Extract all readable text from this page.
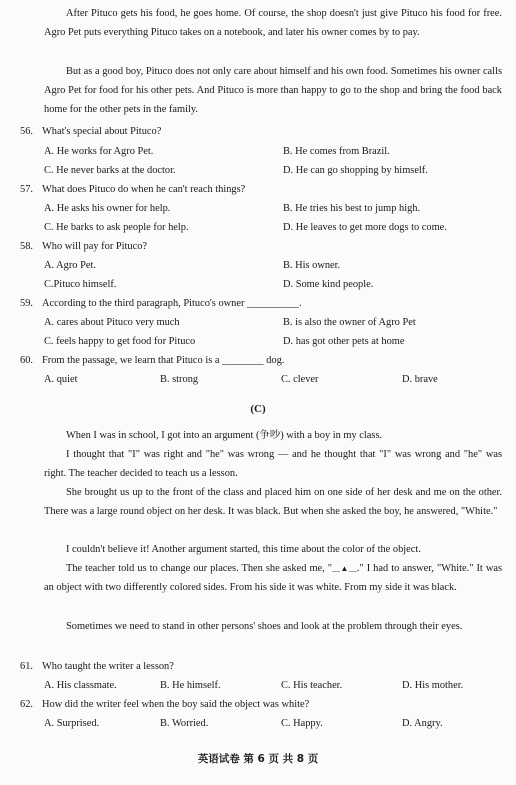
After Pituco gets his food, he goes home. Of course, the shop doesn't just give Pituco his food for free. Agro Pet puts everything Pituco takes on a notebook, and later his owner comes by to pay.
But as a good boy, Pituco does not only care about himself and his own food. Sometimes his owner calls Agro Pet for food for his other pets. And Pituco is more than happy to go to the shop and bring the food back home for the other pets in the family.
56. What's special about Pituco?
A. He works for Agro Pet.	B. He comes from Brazil.
C. He never barks at the doctor.	D. He can go shopping by himself.
57. What does Pituco do when he can't reach things?
A. He asks his owner for help.	B. He tries his best to jump high.
C. He barks to ask people for help.	D. He leaves to get more dogs to come.
58. Who will pay for Pituco?
A. Agro Pet.	B. His owner.
C.Pituco himself.	D. Some kind people.
59. According to the third paragraph, Pituco's owner __________.
A. cares about Pituco very much	B. is also the owner of Agro Pet
C. feels happy to get food for Pituco	D. has got other pets at home
60. From the passage, we learn that Pituco is a ________ dog.
A. quiet	B. strong	C. clever	D. brave
(C)
When I was in school, I got into an argument (争吵) with a boy in my class.
I thought that "I" was right and "he" was wrong — and he thought that "I" was wrong and "he" was right. The teacher decided to teach us a lesson.
She brought us up to the front of the class and placed him on one side of her desk and me on the other. There was a large round object on her desk. It was black. But when she asked the boy, he answered, "White."
I couldn't believe it! Another argument started, this time about the color of the object.
The teacher told us to change our places. Then she asked me, "__▲__." I had to answer, "White." It was an object with two differently colored sides. From his side it was white. From my side it was black.
Sometimes we need to stand in other persons' shoes and look at the problem through their eyes.
61. Who taught the writer a lesson?
A. His classmate.	B. He himself.	C. His teacher.	D. His mother.
62. How did the writer feel when the boy said the object was white?
A. Surprised.	B. Worried.	C. Happy.	D. Angry.
英语试卷 第 6 页 共 8 页
